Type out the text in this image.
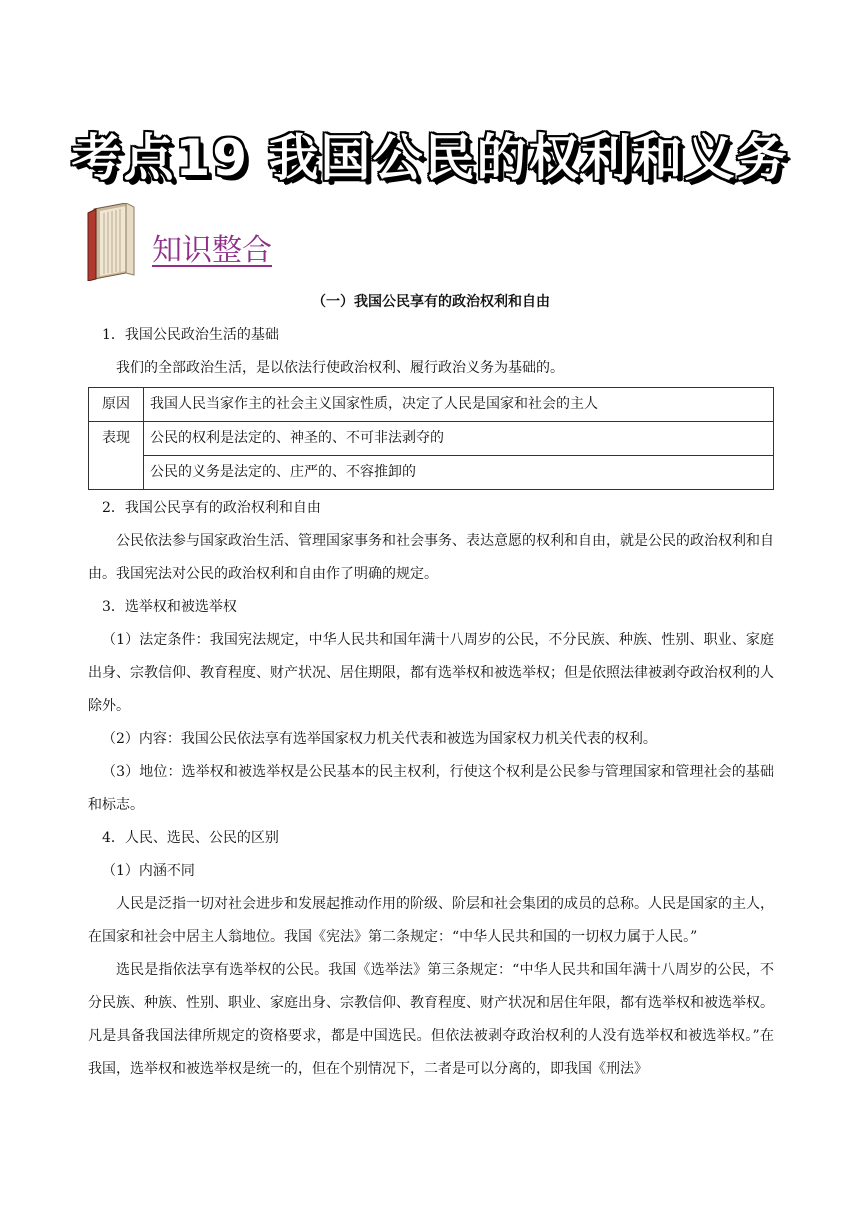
考点19 我国公民的权利和义务
知识整合

（一）我国公民享有的政治权利和自由

1．我国公民政治生活的基础

我们的全部政治生活，是以依法行使政治权利、履行政治义务为基础的。

原因	我国人民当家作主的社会主义国家性质，决定了人民是国家和社会的主人
表现	公民的权利是法定的、神圣的、不可非法剥夺的
	公民的义务是法定的、庄严的、不容推卸的

2．我国公民享有的政治权利和自由

公民依法参与国家政治生活、管理国家事务和社会事务、表达意愿的权利和自由，就是公民的政治权利和自由。我国宪法对公民的政治权利和自由作了明确的规定。

3．选举权和被选举权

（1）法定条件：我国宪法规定，中华人民共和国年满十八周岁的公民，不分民族、种族、性别、职业、家庭出身、宗教信仰、教育程度、财产状况、居住期限，都有选举权和被选举权；但是依照法律被剥夺政治权利的人除外。

（2）内容：我国公民依法享有选举国家权力机关代表和被选为国家权力机关代表的权利。

（3）地位：选举权和被选举权是公民基本的民主权利，行使这个权利是公民参与管理国家和管理社会的基础和标志。

4．人民、选民、公民的区别

（1）内涵不同

人民是泛指一切对社会进步和发展起推动作用的阶级、阶层和社会集团的成员的总称。人民是国家的主人，在国家和社会中居主人翁地位。我国《宪法》第二条规定：“中华人民共和国的一切权力属于人民。”

选民是指依法享有选举权的公民。我国《选举法》第三条规定：“中华人民共和国年满十八周岁的公民，不分民族、种族、性别、职业、家庭出身、宗教信仰、教育程度、财产状况和居住年限，都有选举权和被选举权。凡是具备我国法律所规定的资格要求，都是中国选民。但依法被剥夺政治权利的人没有选举权和被选举权。”在我国，选举权和被选举权是统一的，但在个别情况下，二者是可以分离的，即我国《刑法》
